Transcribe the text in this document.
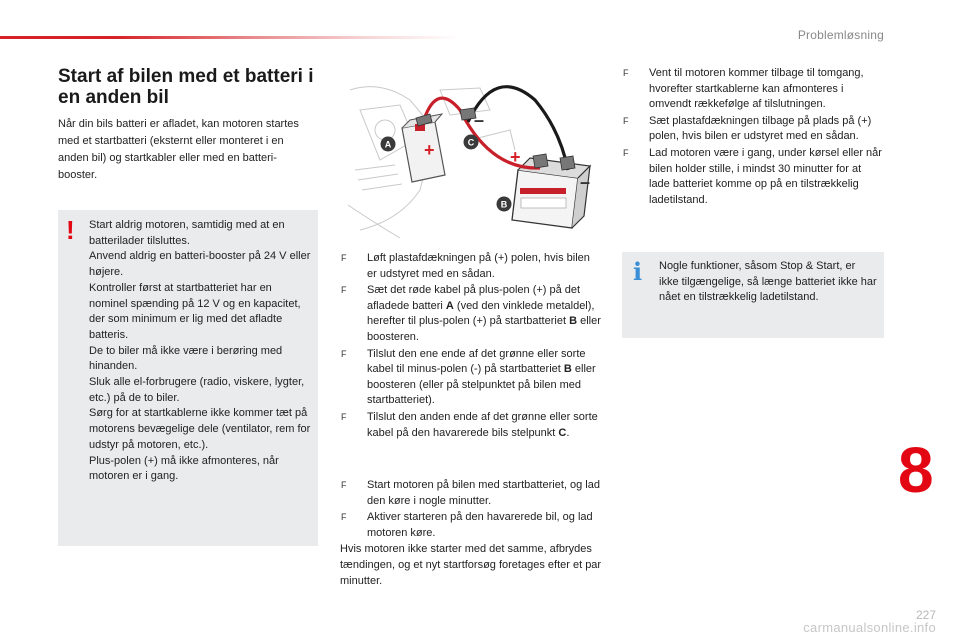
Problemløsning
Start af bilen med et batteri i en anden bil

Når din bils batteri er afladet, kan motoren startes med et startbatteri (eksternt eller monteret i en anden bil) og startkabler eller med en batteri-booster.

! Start aldrig motoren, samtidig med at en batterilader tilsluttes.
Anvend aldrig en batteri-booster på 24 V eller højere.
Kontroller først at startbatteriet har en nominel spænding på 12 V og en kapacitet, der som minimum er lig med det afladte batteris.
De to biler må ikke være i berøring med hinanden.
Sluk alle el-forbrugere (radio, viskere, lygter, etc.) på de to biler.
Sørg for at startkablerne ikke kommer tæt på motorens bevægelige dele (ventilator, rem for udstyr på motoren, etc.).
Plus-polen (+) må ikke afmonteres, når motoren er i gang.
A	C
B
+
–
+
–
F Løft plastafdækningen på (+) polen, hvis bilen er udstyret med en sådan.
F Sæt det røde kabel på plus-polen (+) på det afladede batteri A (ved den vinklede metaldel), herefter til plus-polen (+) på startbatteriet B eller boosteren.
F Tilslut den ene ende af det grønne eller sorte kabel til minus-polen (-) på startbatteriet B eller boosteren (eller på stelpunktet på bilen med startbatteriet).
F Tilslut den anden ende af det grønne eller sorte kabel på den havarerede bils stelpunkt C.
F Start motoren på bilen med startbatteriet, og lad den køre i nogle minutter.
F Aktiver starteren på den havarerede bil, og lad motoren køre.

Hvis motoren ikke starter med det samme, afbrydes tændingen, og et nyt startforsøg foretages efter et par minutter.

F Vent til motoren kommer tilbage til tomgang, hvorefter startkablerne kan afmonteres i omvendt rækkefølge af tilslutningen.
F Sæt plastafdækningen tilbage på plads på (+) polen, hvis bilen er udstyret med en sådan.
F Lad motoren være i gang, under kørsel eller når bilen holder stille, i mindst 30 minutter for at lade batteriet komme op på en tilstrækkelig ladetilstand.
i Nogle funktioner, såsom Stop & Start, er ikke tilgængelige, så længe batteriet ikke har nået en tilstrækkelig ladetilstand.
8
227
carmanualsonline.info
